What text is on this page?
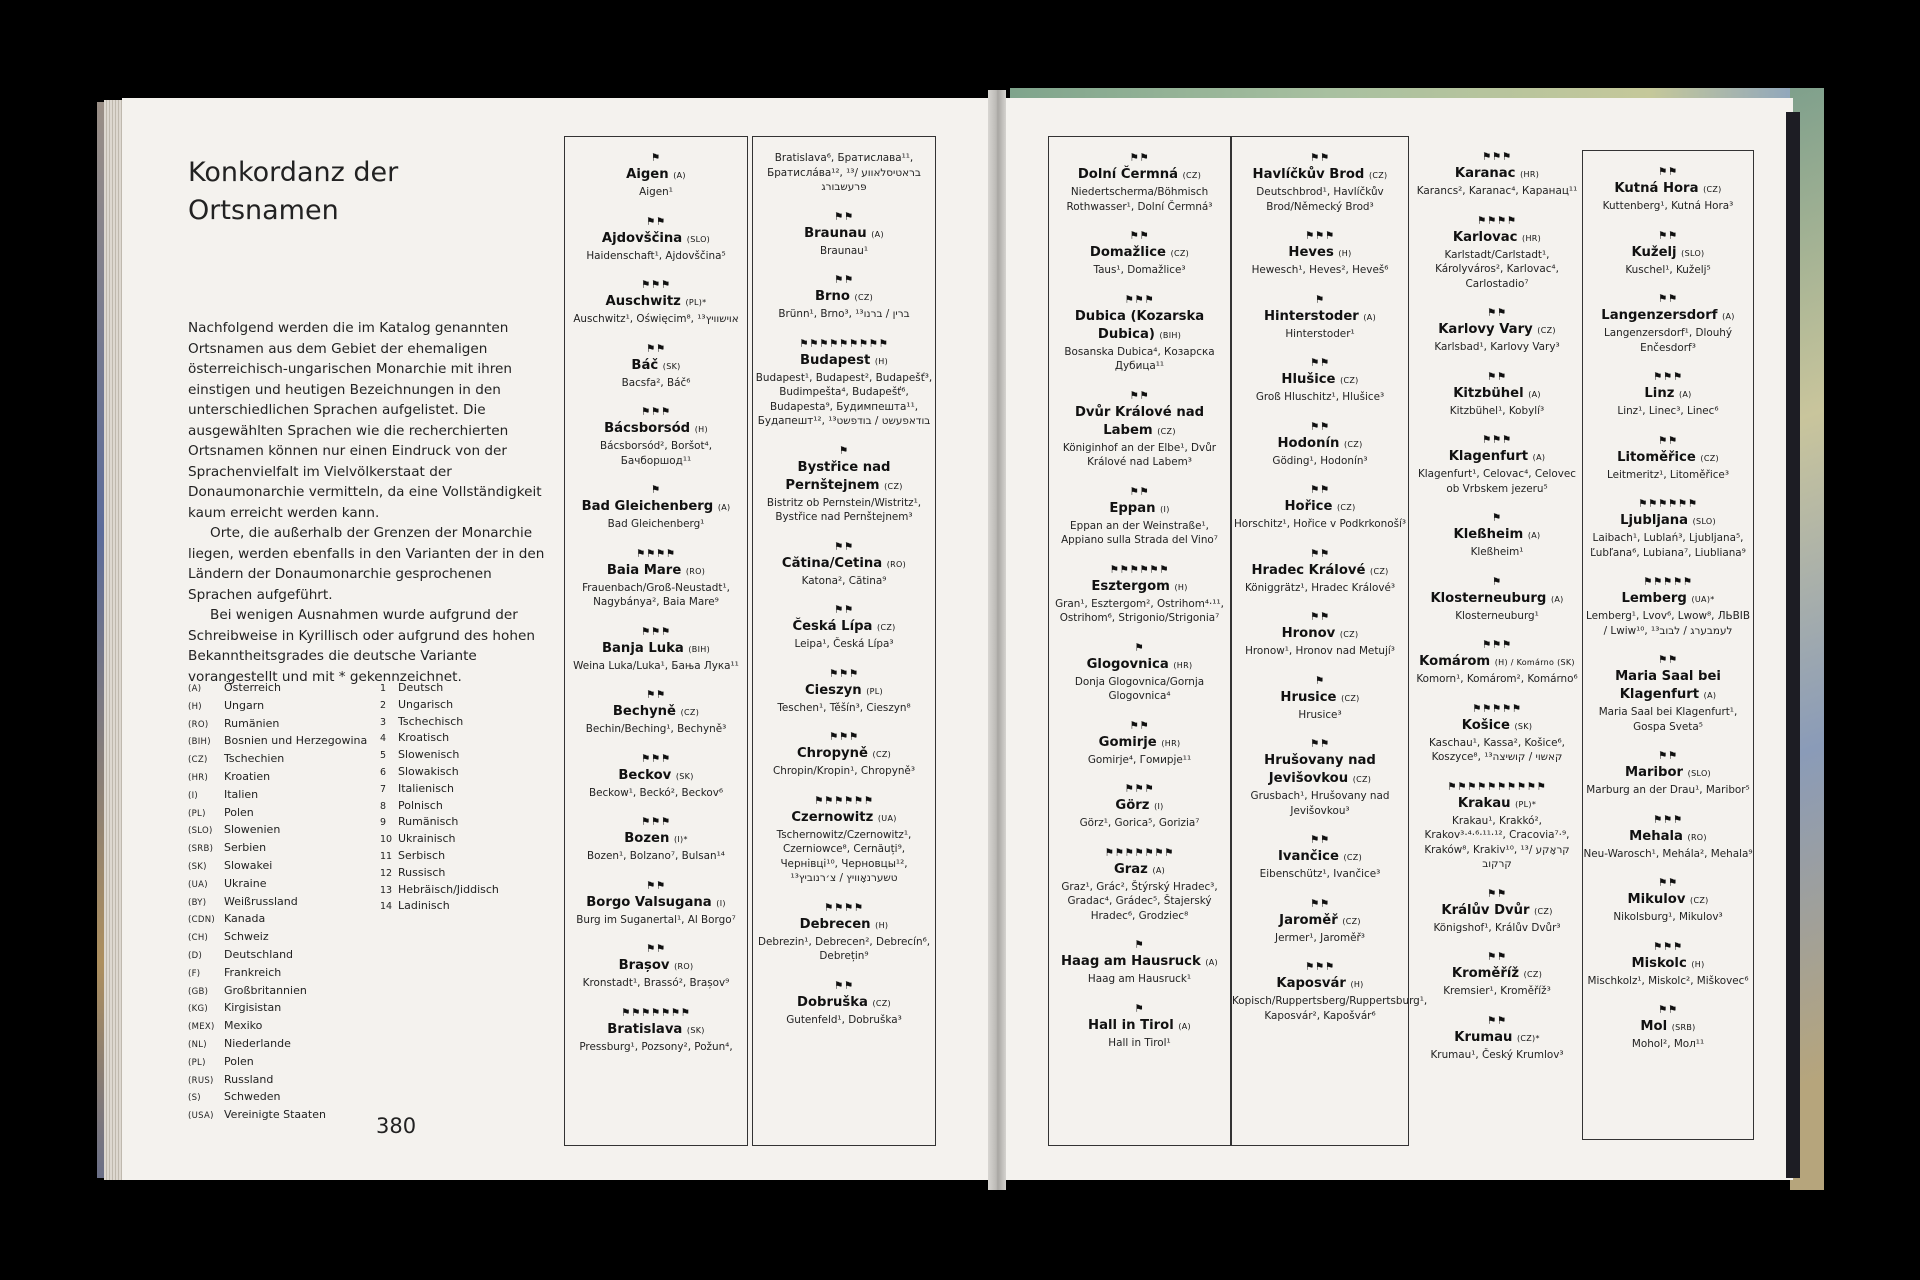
Konkordanz der
Ortsnamen

Nachfolgend werden die im Katalog genannten Ortsnamen aus dem Gebiet der ehemaligen österreichisch-ungarischen Monarchie mit ihren einstigen und heutigen Bezeichnungen in den unterschiedlichen Sprachen aufgelistet. Die ausgewählten Sprachen wie die recherchierten Ortsnamen können nur einen Eindruck von der Sprachenvielfalt im Vielvölkerstaat der Donaumonarchie vermitteln, da eine Vollständigkeit kaum erreicht werden kann.

Orte, die außerhalb der Grenzen der Monarchie liegen, werden ebenfalls in den Varianten der in den Ländern der Donaumonarchie gesprochenen Sprachen aufgeführt.

Bei wenigen Ausnahmen wurde aufgrund der Schreibweise in Kyrillisch oder aufgrund des hohen Bekanntheitsgrades die deutsche Variante vorangestellt und mit * gekennzeichnet.

(A) Österreich
(H) Ungarn
(RO) Rumänien
(BIH) Bosnien und Herzegowina
(CZ) Tschechien
(HR) Kroatien
(I) Italien
(PL) Polen
(SLO) Slowenien
(SRB) Serbien
(SK) Slowakei
(UA) Ukraine
(BY) Weißrussland
(CDN) Kanada
(CH) Schweiz
(D) Deutschland
(F) Frankreich
(GB) Großbritannien
(KG) Kirgisistan
(MEX) Mexiko
(NL) Niederlande
(PL) Polen
(RUS) Russland
(S) Schweden
(USA) Vereinigte Staaten
1 Deutsch
2 Ungarisch
3 Tschechisch
4 Kroatisch
5 Slowenisch
6 Slowakisch
7 Italienisch
8 Polnisch
9 Rumänisch
10 Ukrainisch
11 Serbisch
12 Russisch
13 Hebräisch/Jiddisch
14 Ladinisch
380
⚑
Aigen (A)
Aigen¹
⚑⚑
Ajdovščina (SLO)
Haidenschaft¹, Ajdovščina⁵
⚑⚑⚑
Auschwitz (PL)*
Auschwitz¹, Oświęcim⁸, ¹³אוישוויץ
⚑⚑
Báč (SK)
Bacsfa², Báč⁶
⚑⚑⚑
Bácsborsód (H)
Bácsborsód², Boršot⁴, Бачборшод¹¹
⚑
Bad Gleichenberg (A)
Bad Gleichenberg¹
⚑⚑⚑⚑
Baia Mare (RO)
Frauenbach/Groß-Neustadt¹, Nagybánya², Baia Mare⁹
⚑⚑⚑
Banja Luka (BIH)
Weina Luka/Luka¹, Бања Лука¹¹
⚑⚑
Bechyně (CZ)
Bechin/Beching¹, Bechyně³
⚑⚑⚑
Beckov (SK)
Beckow¹, Beckó², Beckov⁶
⚑⚑⚑
Bozen (I)*
Bozen¹, Bolzano⁷, Bulsan¹⁴
⚑⚑
Borgo Valsugana (I)
Burg im Suganertal¹, Al Borgo⁷
⚑⚑
Brașov (RO)
Kronstadt¹, Brassó², Brașov⁹
⚑⚑⚑⚑⚑⚑⚑
Bratislava (SK)
Pressburg¹, Pozsony², Požun⁴,
Bratislava⁶, Братислава¹¹, Братиcлáва¹², ¹³בראטיסלאווע / פּרעשבורג
⚑⚑
Braunau (A)
Braunau¹
⚑⚑
Brno (CZ)
Brünn¹, Brno³, ¹³ברין / ברנו
⚑⚑⚑⚑⚑⚑⚑⚑⚑
Budapest (H)
Budapest¹, Budapest², Budapešť³, Budimpešta⁴, Budapešť⁶, Budapesta⁹, Будимпешта¹¹, Будапешт¹², ¹³בודאפעשט / בודפשט
⚑
Bystřice nad Pernštejnem (CZ)
Bistritz ob Pernstein/Wistritz¹, Bystřice nad Pernštejnem³
⚑⚑
Cătina/Cetina (RO)
Katona², Cătina⁹
⚑⚑
Česká Lípa (CZ)
Leipa¹, Česká Lípa³
⚑⚑⚑
Cieszyn (PL)
Teschen¹, Těšín³, Cieszyn⁸
⚑⚑⚑
Chropyně (CZ)
Chropin/Kropin¹, Chropyně³
⚑⚑⚑⚑⚑⚑
Czernowitz (UA)
Tschernowitz/Czernowitz¹, Czerniowce⁸, Cernăuți⁹, Чернівці¹⁰, Черновцы¹², ¹³טשערנאָוויץ / צ׳רנוביץ
⚑⚑⚑⚑
Debrecen (H)
Debrezin¹, Debrecen², Debrecín⁶, Debrețin⁹
⚑⚑
Dobruška (CZ)
Gutenfeld¹, Dobruška³
⚑⚑
Dolní Čermná (CZ)
Niedertscherma/Böhmisch Rothwasser¹, Dolní Čermná³
⚑⚑
Domažlice (CZ)
Taus¹, Domažlice³
⚑⚑⚑
Dubica (Kozarska Dubica) (BIH)
Bosanska Dubica⁴, Козарска Дубица¹¹
⚑⚑
Dvůr Králové nad Labem (CZ)
Königinhof an der Elbe¹, Dvůr Králové nad Labem³
⚑⚑
Eppan (I)
Eppan an der Weinstraße¹, Appiano sulla Strada del Vino⁷
⚑⚑⚑⚑⚑⚑
Esztergom (H)
Gran¹, Esztergom², Ostrihom⁴·¹¹, Ostrihom⁶, Strigonio/Strigonia⁷
⚑
Glogovnica (HR)
Donja Glogovnica/Gornja Glogovnica⁴
⚑⚑
Gomirje (HR)
Gomirje⁴, Гомирје¹¹
⚑⚑⚑
Görz (I)
Görz¹, Gorica⁵, Gorizia⁷
⚑⚑⚑⚑⚑⚑⚑
Graz (A)
Graz¹, Grác², Štýrský Hradec³, Gradac⁴, Grádec⁵, Štajerský Hradec⁶, Grodziec⁸
⚑
Haag am Hausruck (A)
Haag am Hausruck¹
⚑
Hall in Tirol (A)
Hall in Tirol¹
⚑⚑
Havlíčkův Brod (CZ)
Deutschbrod¹, Havlíčkův Brod/Německý Brod³
⚑⚑⚑
Heves (H)
Hewesch¹, Heves², Heveš⁶
⚑
Hinterstoder (A)
Hinterstoder¹
⚑⚑
Hlušice (CZ)
Groß Hluschitz¹, Hlušice³
⚑⚑
Hodonín (CZ)
Göding¹, Hodonín³
⚑⚑
Hořice (CZ)
Horschitz¹, Hořice v Podkrkonoší³
⚑⚑
Hradec Králové (CZ)
Königgrätz¹, Hradec Králové³
⚑⚑
Hronov (CZ)
Hronow¹, Hronov nad Metují³
⚑
Hrusice (CZ)
Hrusice³
⚑⚑
Hrušovany nad Jevišovkou (CZ)
Grusbach¹, Hrušovany nad Jevišovkou³
⚑⚑
Ivančice (CZ)
Eibenschütz¹, Ivančice³
⚑⚑
Jaroměř (CZ)
Jermer¹, Jaroměř³
⚑⚑⚑
Kaposvár (H)
Kopisch/Ruppertsberg/Ruppertsburg¹, Kaposvár², Kapošvár⁶
⚑⚑⚑
Karanac (HR)
Karancs², Karanac⁴, Каранац¹¹
⚑⚑⚑⚑
Karlovac (HR)
Karlstadt/Carlstadt¹, Károlyváros², Karlovac⁴, Carlostadio⁷
⚑⚑
Karlovy Vary (CZ)
Karlsbad¹, Karlovy Vary³
⚑⚑
Kitzbühel (A)
Kitzbühel¹, Kobylí³
⚑⚑⚑
Klagenfurt (A)
Klagenfurt¹, Celovac⁴, Celovec ob Vrbskem jezeru⁵
⚑
Kleßheim (A)
Kleßheim¹
⚑
Klosterneuburg (A)
Klosterneuburg¹
⚑⚑⚑
Komárom (H) / Komárno (SK)
Komorn¹, Komárom², Komárno⁶
⚑⚑⚑⚑⚑
Košice (SK)
Kaschau¹, Kassa², Košice⁶, Koszyce⁸, ¹³קאשוי / קושיצה
⚑⚑⚑⚑⚑⚑⚑⚑⚑⚑
Krakau (PL)*
Krakau¹, Krakkó², Krakov³·⁴·⁶·¹¹·¹², Cracovia⁷·⁹, Kraków⁸, Krakiv¹⁰, ¹³קראָקע / קרקוב
⚑⚑
Králův Dvůr (CZ)
Königshof¹, Králův Dvůr³
⚑⚑
Kroměříž (CZ)
Kremsier¹, Kroměříž³
⚑⚑
Krumau (CZ)*
Krumau¹, Český Krumlov³
⚑⚑
Kutná Hora (CZ)
Kuttenberg¹, Kutná Hora³
⚑⚑
Kuželj (SLO)
Kuschel¹, Kuželj⁵
⚑⚑
Langenzersdorf (A)
Langenzersdorf¹, Dlouhý Enčesdorf³
⚑⚑⚑
Linz (A)
Linz¹, Linec³, Linec⁶
⚑⚑
Litoměřice (CZ)
Leitmeritz¹, Litoměřice³
⚑⚑⚑⚑⚑⚑
Ljubljana (SLO)
Laibach¹, Lublań³, Ljubljana⁵, Ľubľana⁶, Lubiana⁷, Liubliana⁹
⚑⚑⚑⚑⚑
Lemberg (UA)*
Lemberg¹, Lvov⁶, Lwow⁸, ЛЬВІВ / Lwiw¹⁰, ¹³לעמבערג / לבוב
⚑⚑
Maria Saal bei Klagenfurt (A)
Maria Saal bei Klagenfurt¹, Gospa Sveta⁵
⚑⚑
Maribor (SLO)
Marburg an der Drau¹, Maribor⁵
⚑⚑⚑
Mehala (RO)
Neu-Warosch¹, Mehála², Mehala⁹
⚑⚑
Mikulov (CZ)
Nikolsburg¹, Mikulov³
⚑⚑⚑
Miskolc (H)
Mischkolz¹, Miskolc², Miškovec⁶
⚑⚑
Mol (SRB)
Mohol², Мол¹¹
